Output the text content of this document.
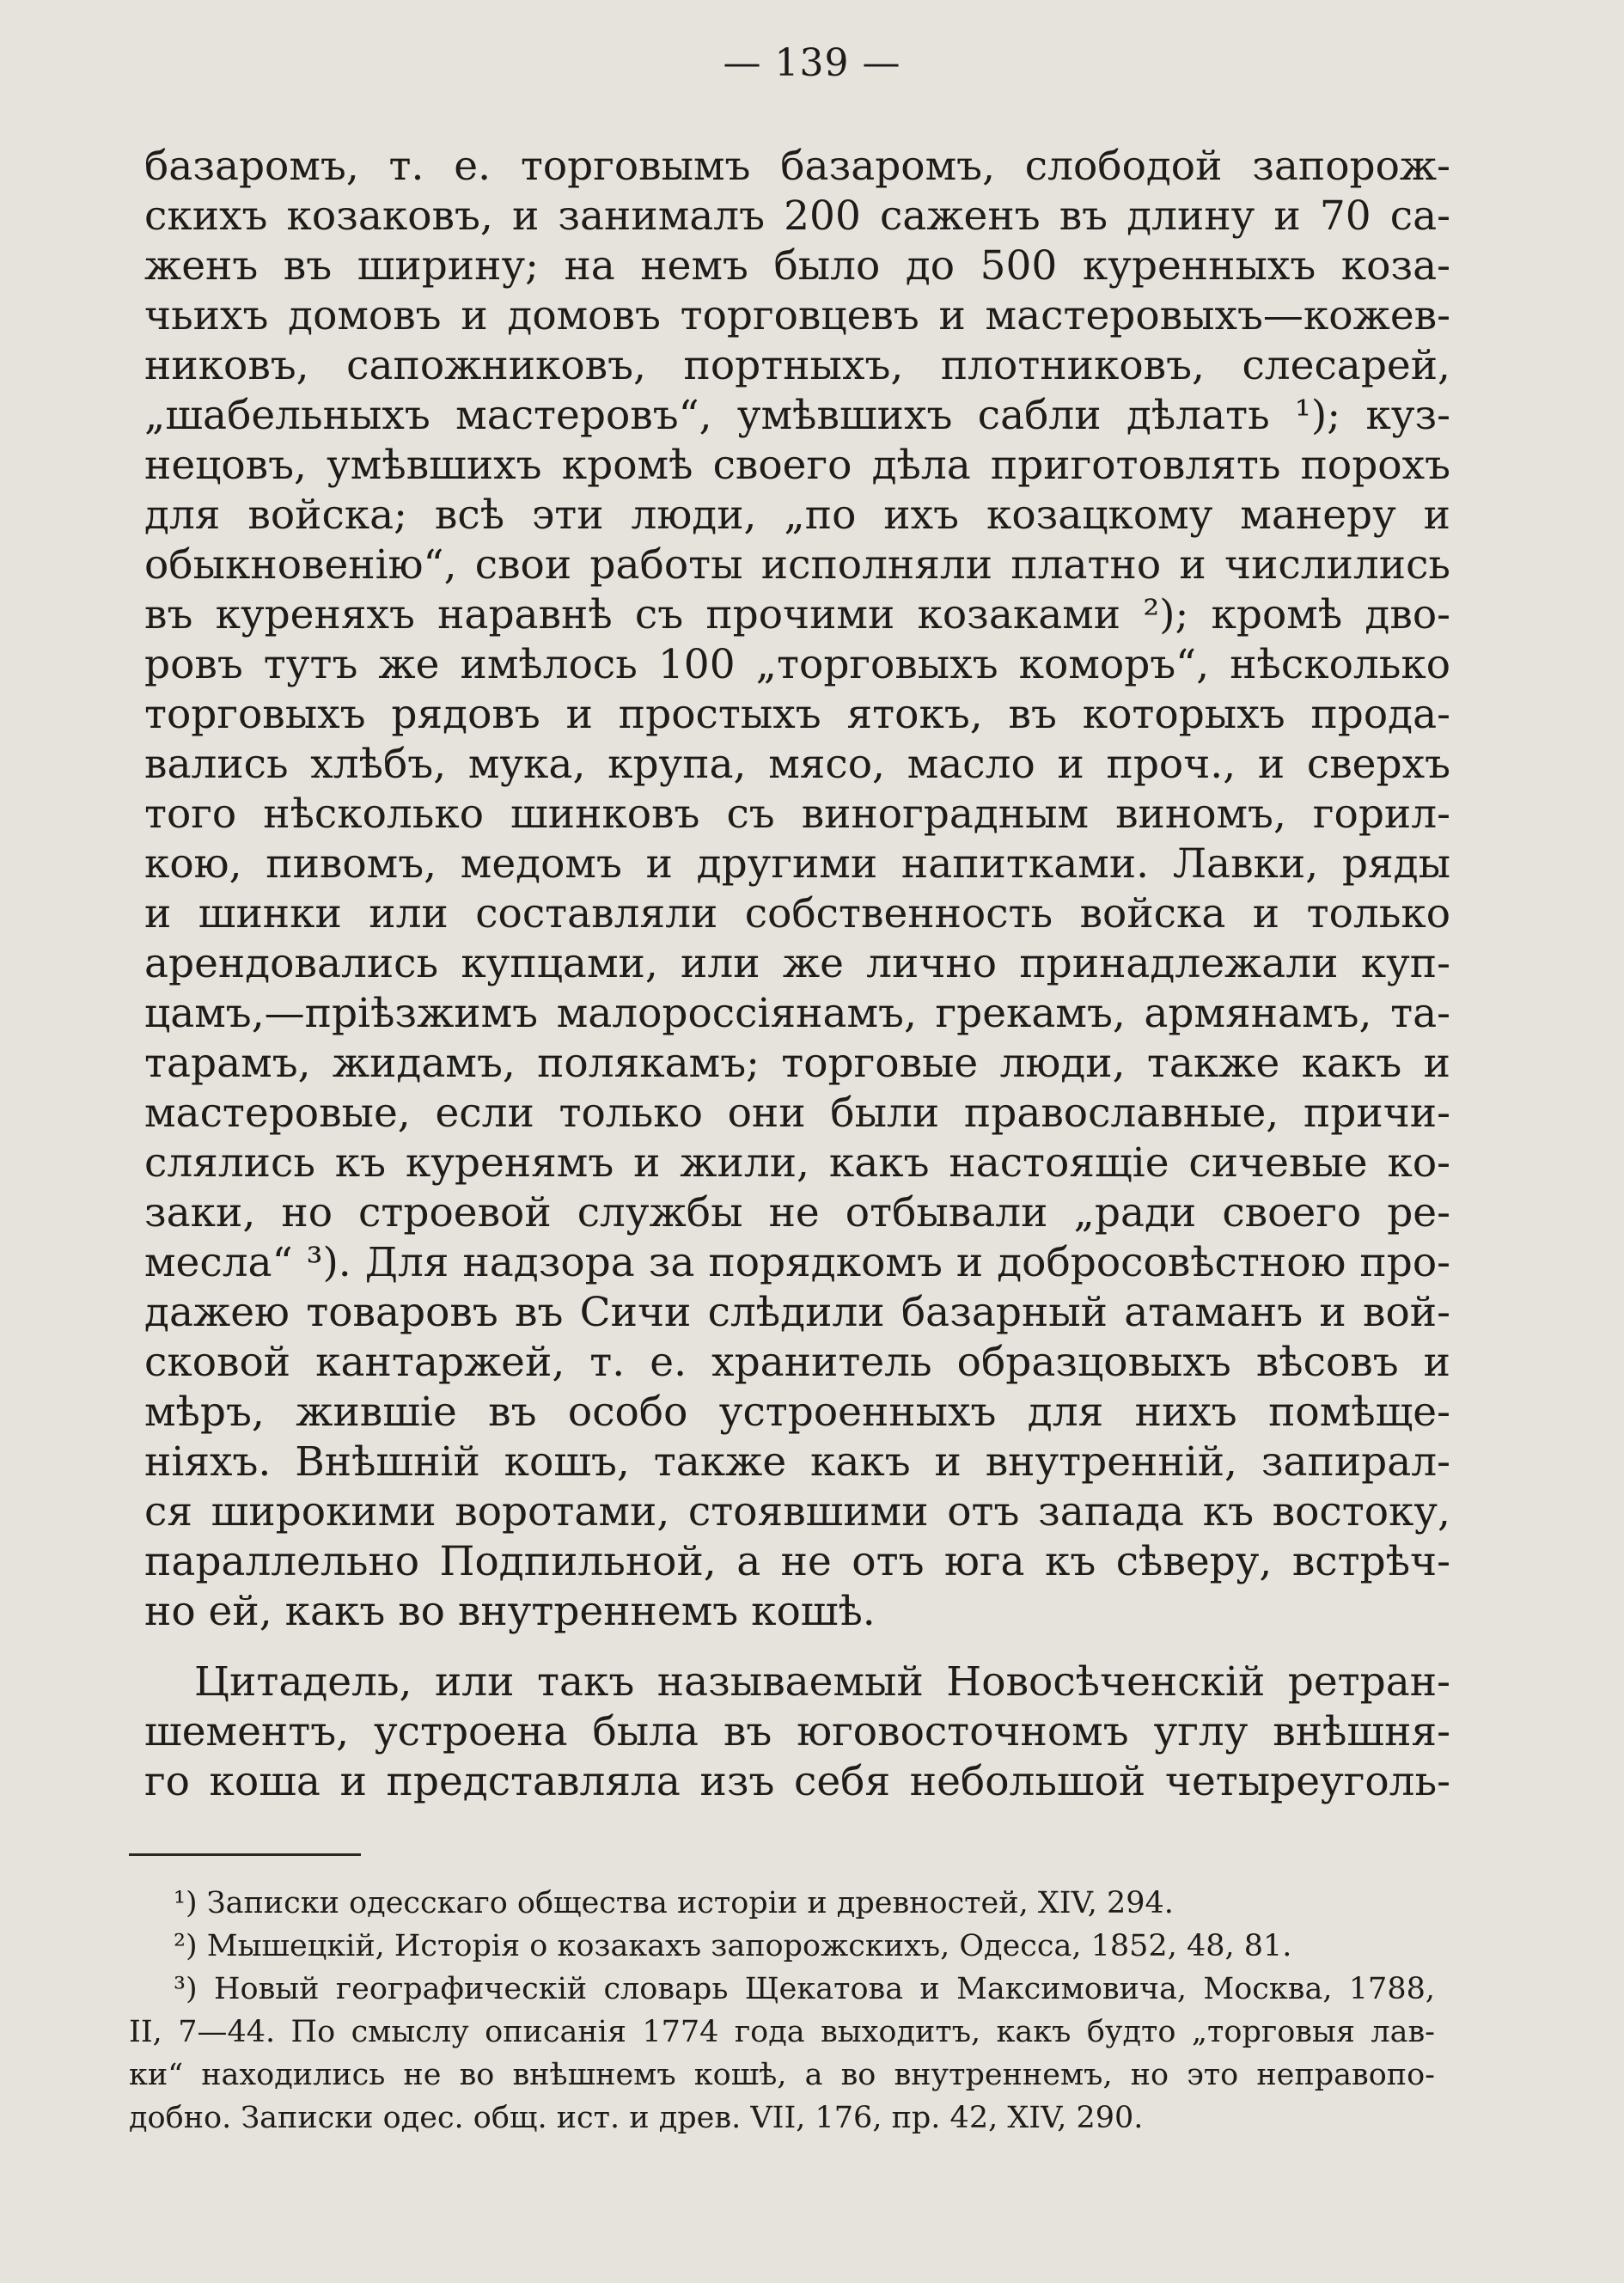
— 139 —
базаромъ, т. е. торговымъ базаромъ, слободой запорож-
скихъ козаковъ, и занималъ 200 саженъ въ длину и 70 са-
женъ въ ширину; на немъ было до 500 куренныхъ коза-
чьихъ домовъ и домовъ торговцевъ и мастеровыхъ—кожев-
никовъ, сапожниковъ, портныхъ, плотниковъ, слесарей,
„шабельныхъ мастеровъ“, умѣвшихъ сабли дѣлать ¹); куз-
нецовъ, умѣвшихъ кромѣ своего дѣла приготовлять порохъ
для войска; всѣ эти люди, „по ихъ козацкому манеру и
обыкновенію“, свои работы исполняли платно и числились
въ куреняхъ наравнѣ съ прочими козаками ²); кромѣ дво-
ровъ тутъ же имѣлось 100 „торговыхъ коморъ“, нѣсколько
торговыхъ рядовъ и простыхъ ятокъ, въ которыхъ прода-
вались хлѣбъ, мука, крупа, мясо, масло и проч., и сверхъ
того нѣсколько шинковъ съ виноградным виномъ, горил-
кою, пивомъ, медомъ и другими напитками. Лавки, ряды
и шинки или составляли собственность войска и только
арендовались купцами, или же лично принадлежали куп-
цамъ,—пріѣзжимъ малороссіянамъ, грекамъ, армянамъ, та-
тарамъ, жидамъ, полякамъ; торговые люди, также какъ и
мастеровые, если только они были православные, причи-
слялись къ куренямъ и жили, какъ настоящіе сичевые ко-
заки, но строевой службы не отбывали „ради своего ре-
месла“ ³). Для надзора за порядкомъ и добросовѣстною про-
дажею товаровъ въ Сичи слѣдили базарный атаманъ и вой-
сковой кантаржей, т. е. хранитель образцовыхъ вѣсовъ и
мѣръ, жившіе въ особо устроенныхъ для нихъ помѣще-
ніяхъ. Внѣшній кошъ, также какъ и внутренній, запирал-
ся широкими воротами, стоявшими отъ запада къ востоку,
параллельно Подпильной, а не отъ юга къ сѣверу, встрѣч-
но ей, какъ во внутреннемъ кошѣ.
Цитадель, или такъ называемый Новосѣченскій ретран-
шементъ, устроена была въ юговосточномъ углу внѣшня-
го коша и представляла изъ себя небольшой четыреуголь-
¹) Записки одесскаго общества исторіи и древностей, XIV, 294.
²) Мышецкій, Исторія о козакахъ запорожскихъ, Одесса, 1852, 48, 81.
³) Новый географическій словарь Щекатова и Максимовича, Москва, 1788,
II, 7—44. По смыслу описанія 1774 года выходитъ, какъ будто „торговыя лав-
ки“ находились не во внѣшнемъ кошѣ, а во внутреннемъ, но это неправопо-
добно. Записки одес. общ. ист. и древ. VII, 176, пр. 42, XIV, 290.
